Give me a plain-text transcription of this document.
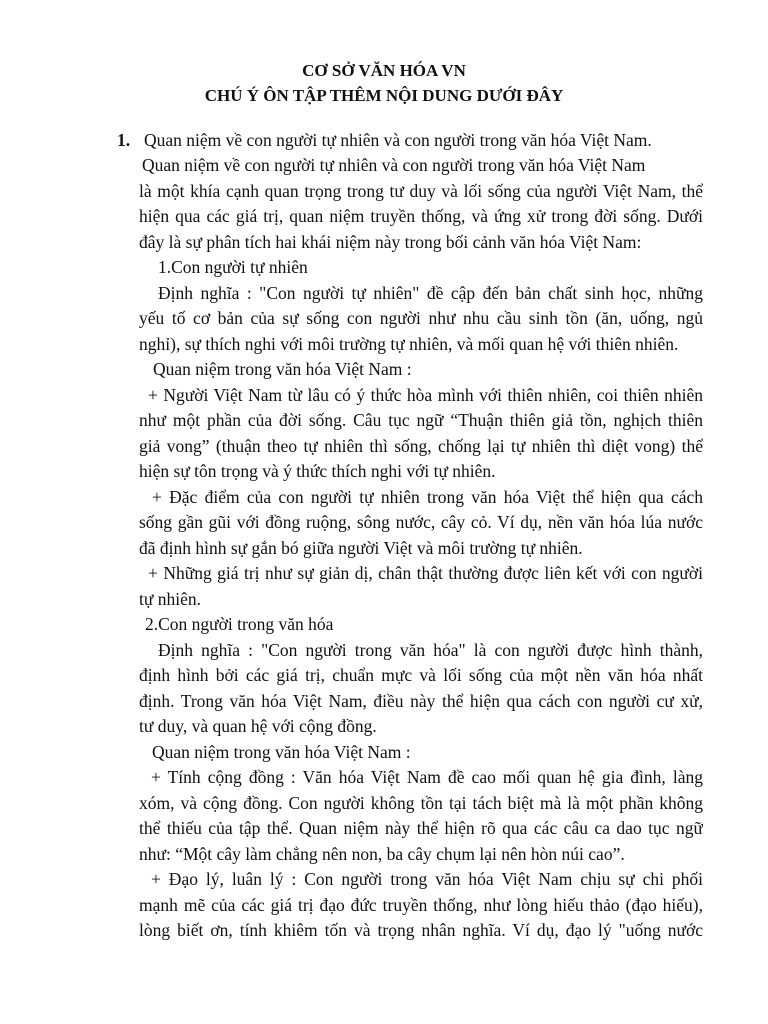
CƠ SỞ VĂN HÓA VN
CHÚ Ý ÔN TẬP THÊM NỘI DUNG DƯỚI ĐÂY
1. Quan niệm về con người tự nhiên và con người trong văn hóa Việt Nam.
Quan niệm về con người tự nhiên và con người trong văn hóa Việt Nam
là một khía cạnh quan trọng trong tư duy và lối sống của người Việt Nam, thể
hiện qua các giá trị, quan niệm truyền thống, và ứng xử trong đời sống. Dưới
đây là sự phân tích hai khái niệm này trong bối cảnh văn hóa Việt Nam:
1.Con người tự nhiên
Định nghĩa : "Con người tự nhiên" đề cập đến bản chất sinh học, những
yếu tố cơ bản của sự sống con người như nhu cầu sinh tồn (ăn, uống, ngủ
nghỉ), sự thích nghi với môi trường tự nhiên, và mối quan hệ với thiên nhiên.
Quan niệm trong văn hóa Việt Nam :
+ Người Việt Nam từ lâu có ý thức hòa mình với thiên nhiên, coi thiên nhiên
như một phần của đời sống. Câu tục ngữ “Thuận thiên giả tồn, nghịch thiên
giả vong” (thuận theo tự nhiên thì sống, chống lại tự nhiên thì diệt vong) thể
hiện sự tôn trọng và ý thức thích nghi với tự nhiên.
+ Đặc điểm của con người tự nhiên trong văn hóa Việt thể hiện qua cách
sống gần gũi với đồng ruộng, sông nước, cây cỏ. Ví dụ, nền văn hóa lúa nước
đã định hình sự gắn bó giữa người Việt và môi trường tự nhiên.
+ Những giá trị như sự giản dị, chân thật thường được liên kết với con người
tự nhiên.
2.Con người trong văn hóa
Định nghĩa : "Con người trong văn hóa" là con người được hình thành,
định hình bởi các giá trị, chuẩn mực và lối sống của một nền văn hóa nhất
định. Trong văn hóa Việt Nam, điều này thể hiện qua cách con người cư xử,
tư duy, và quan hệ với cộng đồng.
Quan niệm trong văn hóa Việt Nam :
+ Tính cộng đồng : Văn hóa Việt Nam đề cao mối quan hệ gia đình, làng
xóm, và cộng đồng. Con người không tồn tại tách biệt mà là một phần không
thể thiếu của tập thể. Quan niệm này thể hiện rõ qua các câu ca dao tục ngữ
như: “Một cây làm chẳng nên non, ba cây chụm lại nên hòn núi cao”.
+ Đạo lý, luân lý : Con người trong văn hóa Việt Nam chịu sự chi phối
mạnh mẽ của các giá trị đạo đức truyền thống, như lòng hiếu thảo (đạo hiếu),
lòng biết ơn, tính khiêm tốn và trọng nhân nghĩa. Ví dụ, đạo lý "uống nước
